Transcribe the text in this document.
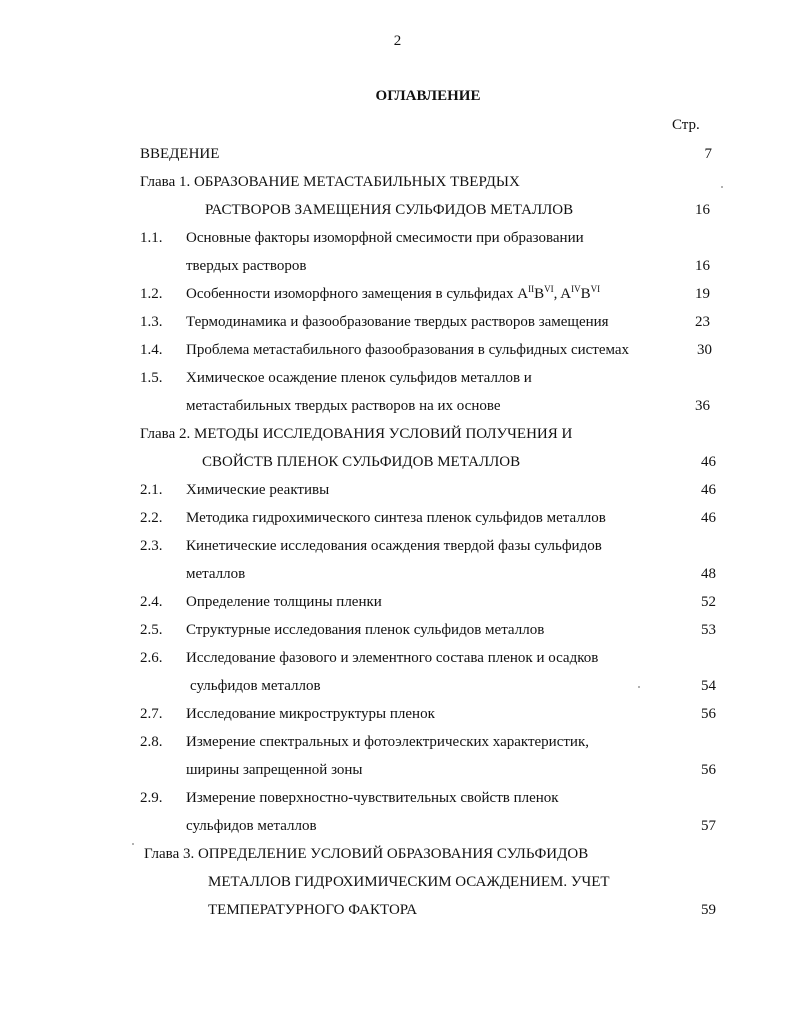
2
ОГЛАВЛЕНИЕ
Стр.
ВВЕДЕНИЕ	7
Глава 1. ОБРАЗОВАНИЕ МЕТАСТАБИЛЬНЫХ ТВЕРДЫХ
РАСТВОРОВ ЗАМЕЩЕНИЯ СУЛЬФИДОВ МЕТАЛЛОВ	16
1.1. Основные факторы изоморфной смесимости при образовании
твердых растворов	16
1.2. Особенности изоморфного замещения в сульфидах $A^{II}B^{VI}$, $A^{IV}B^{VI}$	19
1.3. Термодинамика и фазообразование твердых растворов замещения	23
1.4. Проблема метастабильного фазообразования в сульфидных системах	30
1.5. Химическое осаждение пленок сульфидов металлов и
метастабильных твердых растворов на их основе	36
Глава 2. МЕТОДЫ ИССЛЕДОВАНИЯ УСЛОВИЙ ПОЛУЧЕНИЯ И
СВОЙСТВ ПЛЕНОК СУЛЬФИДОВ МЕТАЛЛОВ	46
2.1. Химические реактивы	46
2.2. Методика гидрохимического синтеза пленок сульфидов металлов	46
2.3. Кинетические исследования осаждения твердой фазы сульфидов
металлов	48
2.4. Определение толщины пленки	52
2.5. Структурные исследования пленок сульфидов металлов	53
2.6. Исследование фазового и элементного состава пленок и осадков
сульфидов металлов	54
2.7. Исследование микроструктуры пленок	56
2.8. Измерение спектральных и фотоэлектрических характеристик,
ширины запрещенной зоны	56
2.9. Измерение поверхностно-чувствительных свойств пленок
сульфидов металлов	57
Глава 3. ОПРЕДЕЛЕНИЕ УСЛОВИЙ ОБРАЗОВАНИЯ СУЛЬФИДОВ
МЕТАЛЛОВ ГИДРОХИМИЧЕСКИМ ОСАЖДЕНИЕМ. УЧЕТ
ТЕМПЕРАТУРНОГО ФАКТОРА	59
